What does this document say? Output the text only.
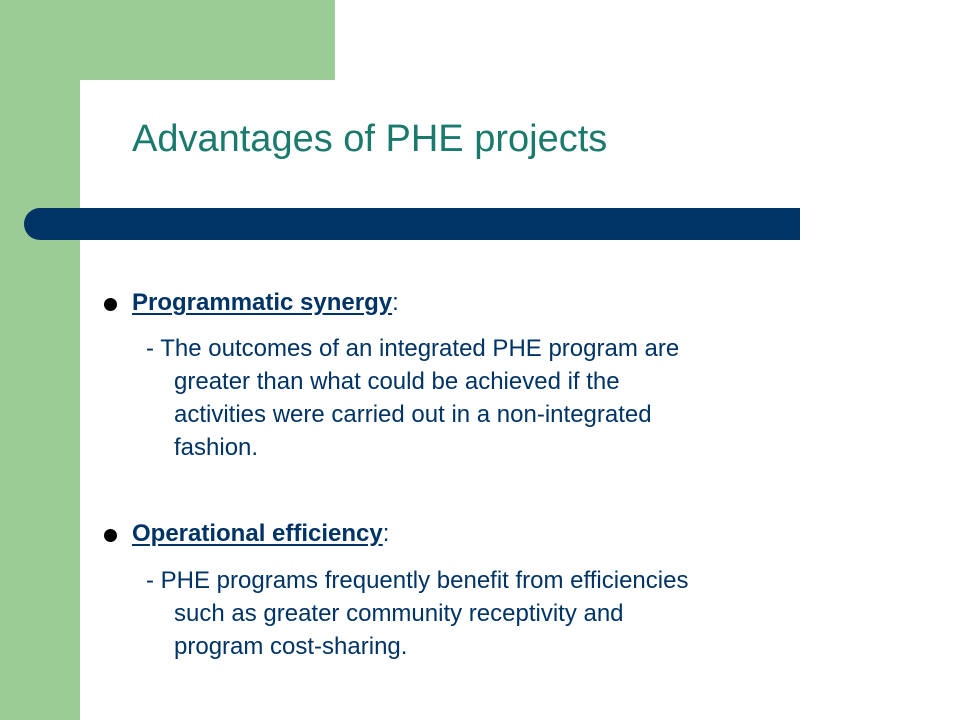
Advantages of PHE projects
Programmatic synergy:
- The outcomes of an integrated PHE program are
greater than what could be achieved if the
activities were carried out in a non-integrated
fashion.
Operational efficiency:
- PHE programs frequently benefit from efficiencies
such as greater community receptivity and
program cost-sharing.
